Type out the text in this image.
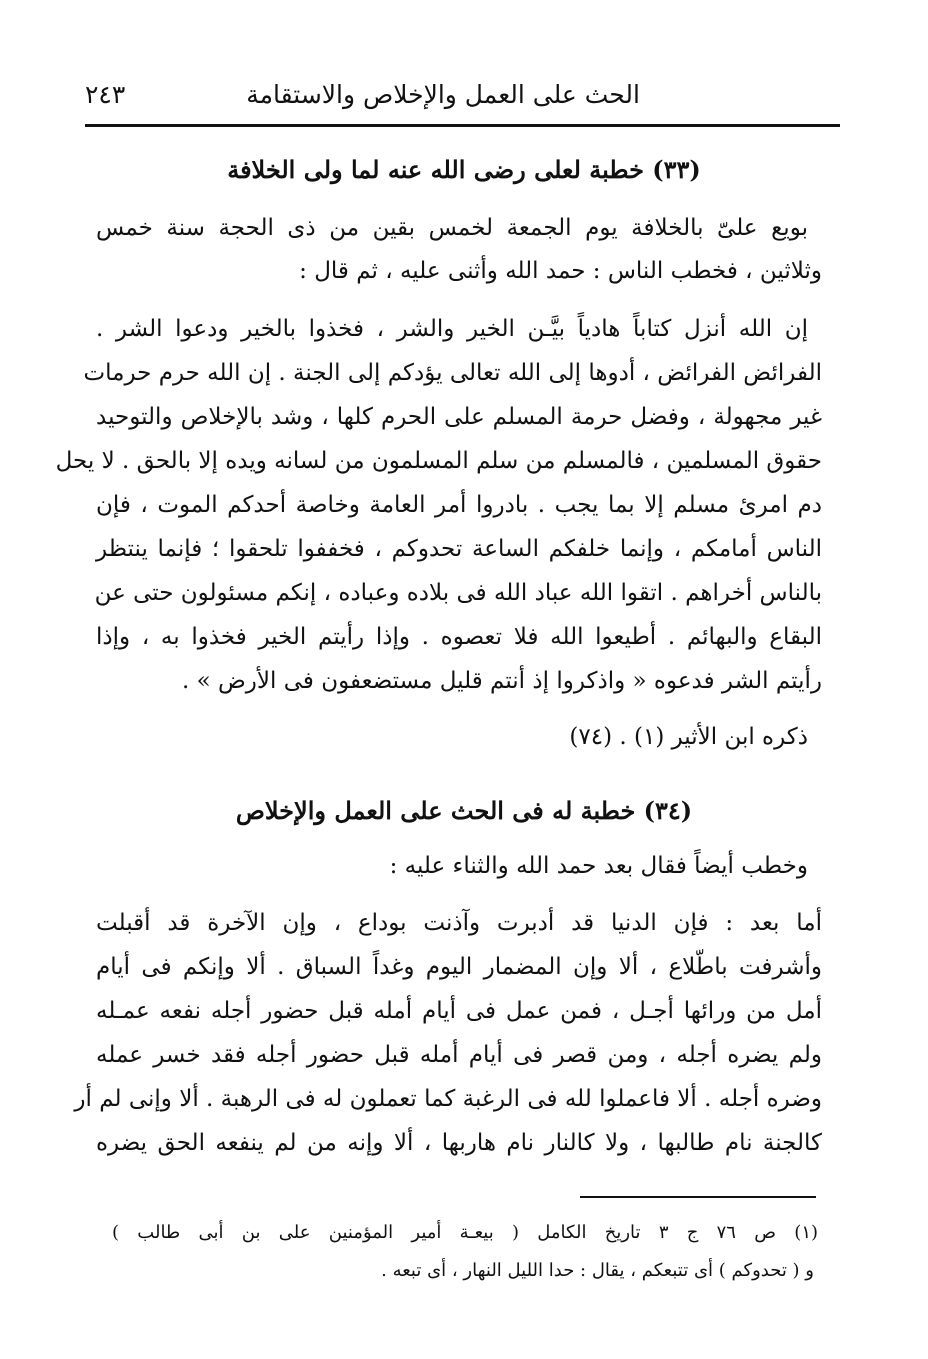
الحث على العمل والإخلاص والاستقامة
٢٤٣
(٣٣) خطبة لعلى رضى الله عنه لما ولى الخلافة
بويع علىّ بالخلافة يوم الجمعة لخمس بقين من ذى الحجة سنة خمس
وثلاثين ، فخطب الناس : حمد الله وأثنى عليه ، ثم قال :
إن الله أنزل كتاباً هادياً بيَّـن الخير والشر ، فخذوا بالخير ودعوا الشر .
الفرائض الفرائض ، أدوها إلى الله تعالى يؤدكم إلى الجنة . إن الله حرم حرمات
غير مجهولة ، وفضل حرمة المسلم على الحرم كلها ، وشد بالإخلاص والتوحيد
حقوق المسلمين ، فالمسلم من سلم المسلمون من لسانه ويده إلا بالحق . لا يحل
دم امرئ مسلم إلا بما يجب . بادروا أمر العامة وخاصة أحدكم الموت ، فإن
الناس أمامكم ، وإنما خلفكم الساعة تحدوكم ، فخففوا تلحقوا ؛ فإنما ينتظر
بالناس أخراهم . اتقوا الله عباد الله فى بلاده وعباده ، إنكم مسئولون حتى عن
البقاع والبهائم . أطيعوا الله فلا تعصوه . وإذا رأيتم الخير فخذوا به ، وإذا
رأيتم الشر فدعوه « واذكروا إذ أنتم قليل مستضعفون فى الأرض » .
ذكره ابن الأثير (١) . (٧٤)
(٣٤) خطبة له فى الحث على العمل والإخلاص
وخطب أيضاً فقال بعد حمد الله والثناء عليه :
أما بعد : فإن الدنيا قد أدبرت وآذنت بوداع ، وإن الآخرة قد أقبلت
وأشرفت باطّلاع ، ألا وإن المضمار اليوم وغداً السباق . ألا وإنكم فى أيام
أمل من ورائها أجـل ، فمن عمل فى أيام أمله قبل حضور أجله نفعه عمـله
ولم يضره أجله ، ومن قصر فى أيام أمله قبل حضور أجله فقد خسر عمله
وضره أجله . ألا فاعملوا لله فى الرغبة كما تعملون له فى الرهبة . ألا وإنى لم أر
كالجنة نام طالبها ، ولا كالنار نام هاربها ، ألا وإنه من لم ينفعه الحق يضره
(١) ص ٧٦ ج ٣ تاريخ الكامل ( بيعـة أمير المؤمنين على بن أبى طالب )
و ( تحدوكم ) أى تتبعكم ، يقال : حدا الليل النهار ، أى تبعه .
